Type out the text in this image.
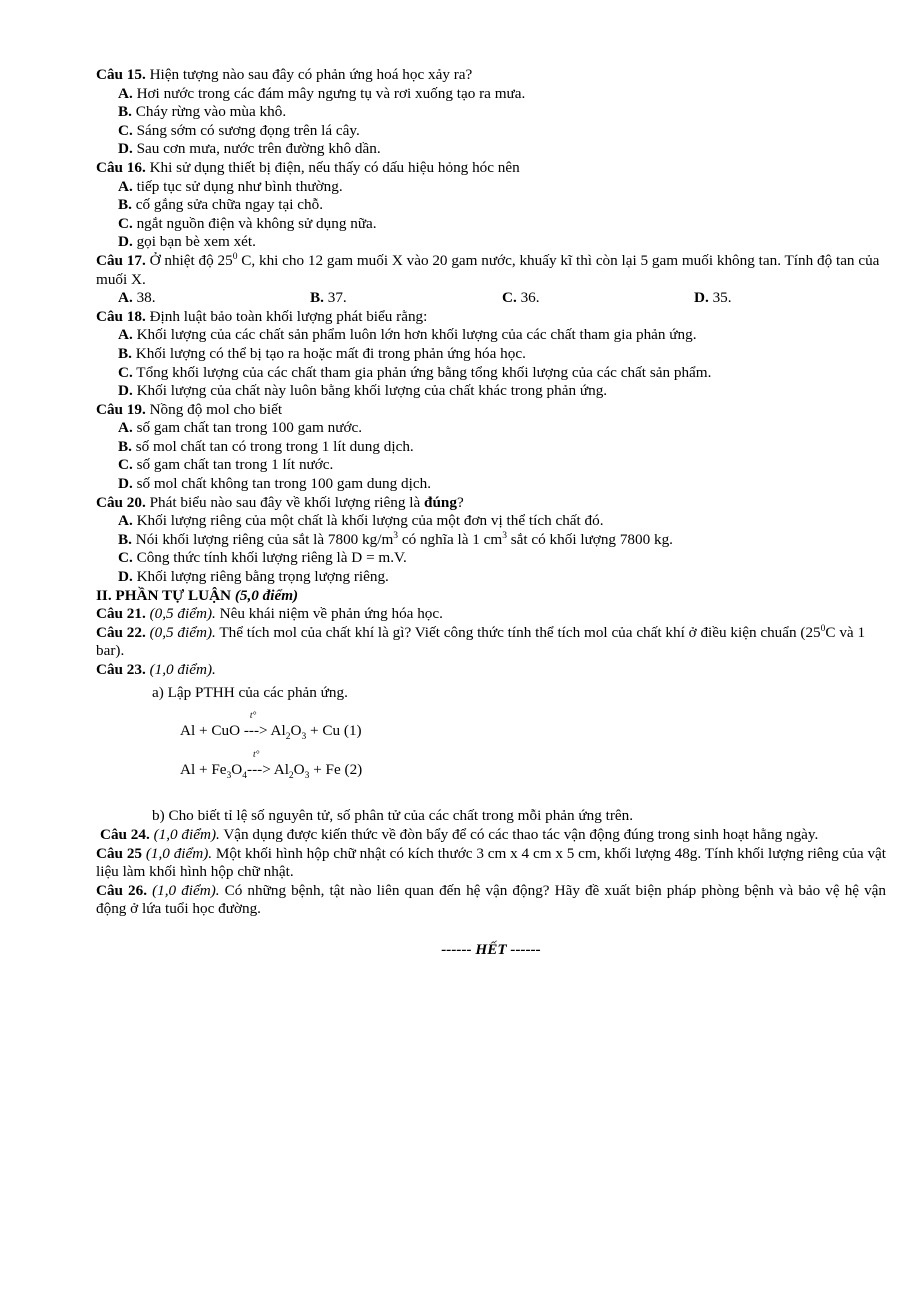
Câu 15. Hiện tượng nào sau đây có phản ứng hoá học xảy ra?

A. Hơi nước trong các đám mây ngưng tụ và rơi xuống tạo ra mưa.

B. Cháy rừng vào mùa khô.

C. Sáng sớm có sương đọng trên lá cây.

D. Sau cơn mưa, nước trên đường khô dần.

Câu 16. Khi sử dụng thiết bị điện, nếu thấy có dấu hiệu hỏng hóc nên

A. tiếp tục sử dụng như bình thường.

B. cố gắng sửa chữa ngay tại chỗ.

C. ngắt nguồn điện và không sử dụng nữa.

D. gọi bạn bè xem xét.

Câu 17. Ở nhiệt độ $25^0$ C, khi cho 12 gam muối X vào 20 gam nước, khuấy kĩ thì còn lại 5 gam muối không tan. Tính độ tan của muối X.

A. 38.	B. 37.	C. 36.	D. 35.

Câu 18. Định luật bảo toàn khối lượng phát biểu rằng:

A. Khối lượng của các chất sản phẩm luôn lớn hơn khối lượng của các chất tham gia phản ứng.

B. Khối lượng có thể bị tạo ra hoặc mất đi trong phản ứng hóa học.

C. Tổng khối lượng của các chất tham gia phản ứng bằng tổng khối lượng của các chất sản phẩm.

D. Khối lượng của chất này luôn bằng khối lượng của chất khác trong phản ứng.

Câu 19. Nồng độ mol cho biết

A. số gam chất tan trong 100 gam nước.

B. số mol chất tan có trong trong 1 lít dung dịch.

C. số gam chất tan trong 1 lít nước.

D. số mol chất không tan trong 100 gam dung dịch.

Câu 20. Phát biểu nào sau đây về khối lượng riêng là đúng?

A. Khối lượng riêng của một chất là khối lượng của một đơn vị thể tích chất đó.

B. Nói khối lượng riêng của sắt là 7800 $kg/m^3$ có nghĩa là 1 $cm^3$ sắt có khối lượng 7800 kg.

C. Công thức tính khối lượng riêng là D = m.V.

D. Khối lượng riêng bằng trọng lượng riêng.

II. PHẦN TỰ LUẬN (5,0 điểm)

Câu 21. (0,5 điểm). Nêu khái niệm về phản ứng hóa học.

Câu 22. (0,5 điểm). Thể tích mol của chất khí là gì? Viết công thức tính thể tích mol của chất khí ở điều kiện chuẩn ($25^0C$ và 1 bar).

Câu 23. (1,0 điểm).

a) Lập PTHH của các phản ứng.

Al + CuO
t°
---> $Al_2O_3 + Cu$ (1)

$Al + Fe_3O_4$
t°
---> $Al_2O_3 + Fe$ (2)

b) Cho biết tỉ lệ số nguyên tử, số phân tử của các chất trong mỗi phản ứng trên.

Câu 24. (1,0 điểm). Vận dụng được kiến thức về đòn bẩy để có các thao tác vận động đúng trong sinh hoạt hằng ngày.

Câu 25 (1,0 điểm). Một khối hình hộp chữ nhật có kích thước 3 cm x 4 cm x 5 cm, khối lượng 48g. Tính khối lượng riêng của vật liệu làm khối hình hộp chữ nhật.

Câu 26. (1,0 điểm). Có những bệnh, tật nào liên quan đến hệ vận động? Hãy đề xuất biện pháp phòng bệnh và bảo vệ hệ vận động ở lứa tuổi học đường.

------ HẾT ------
